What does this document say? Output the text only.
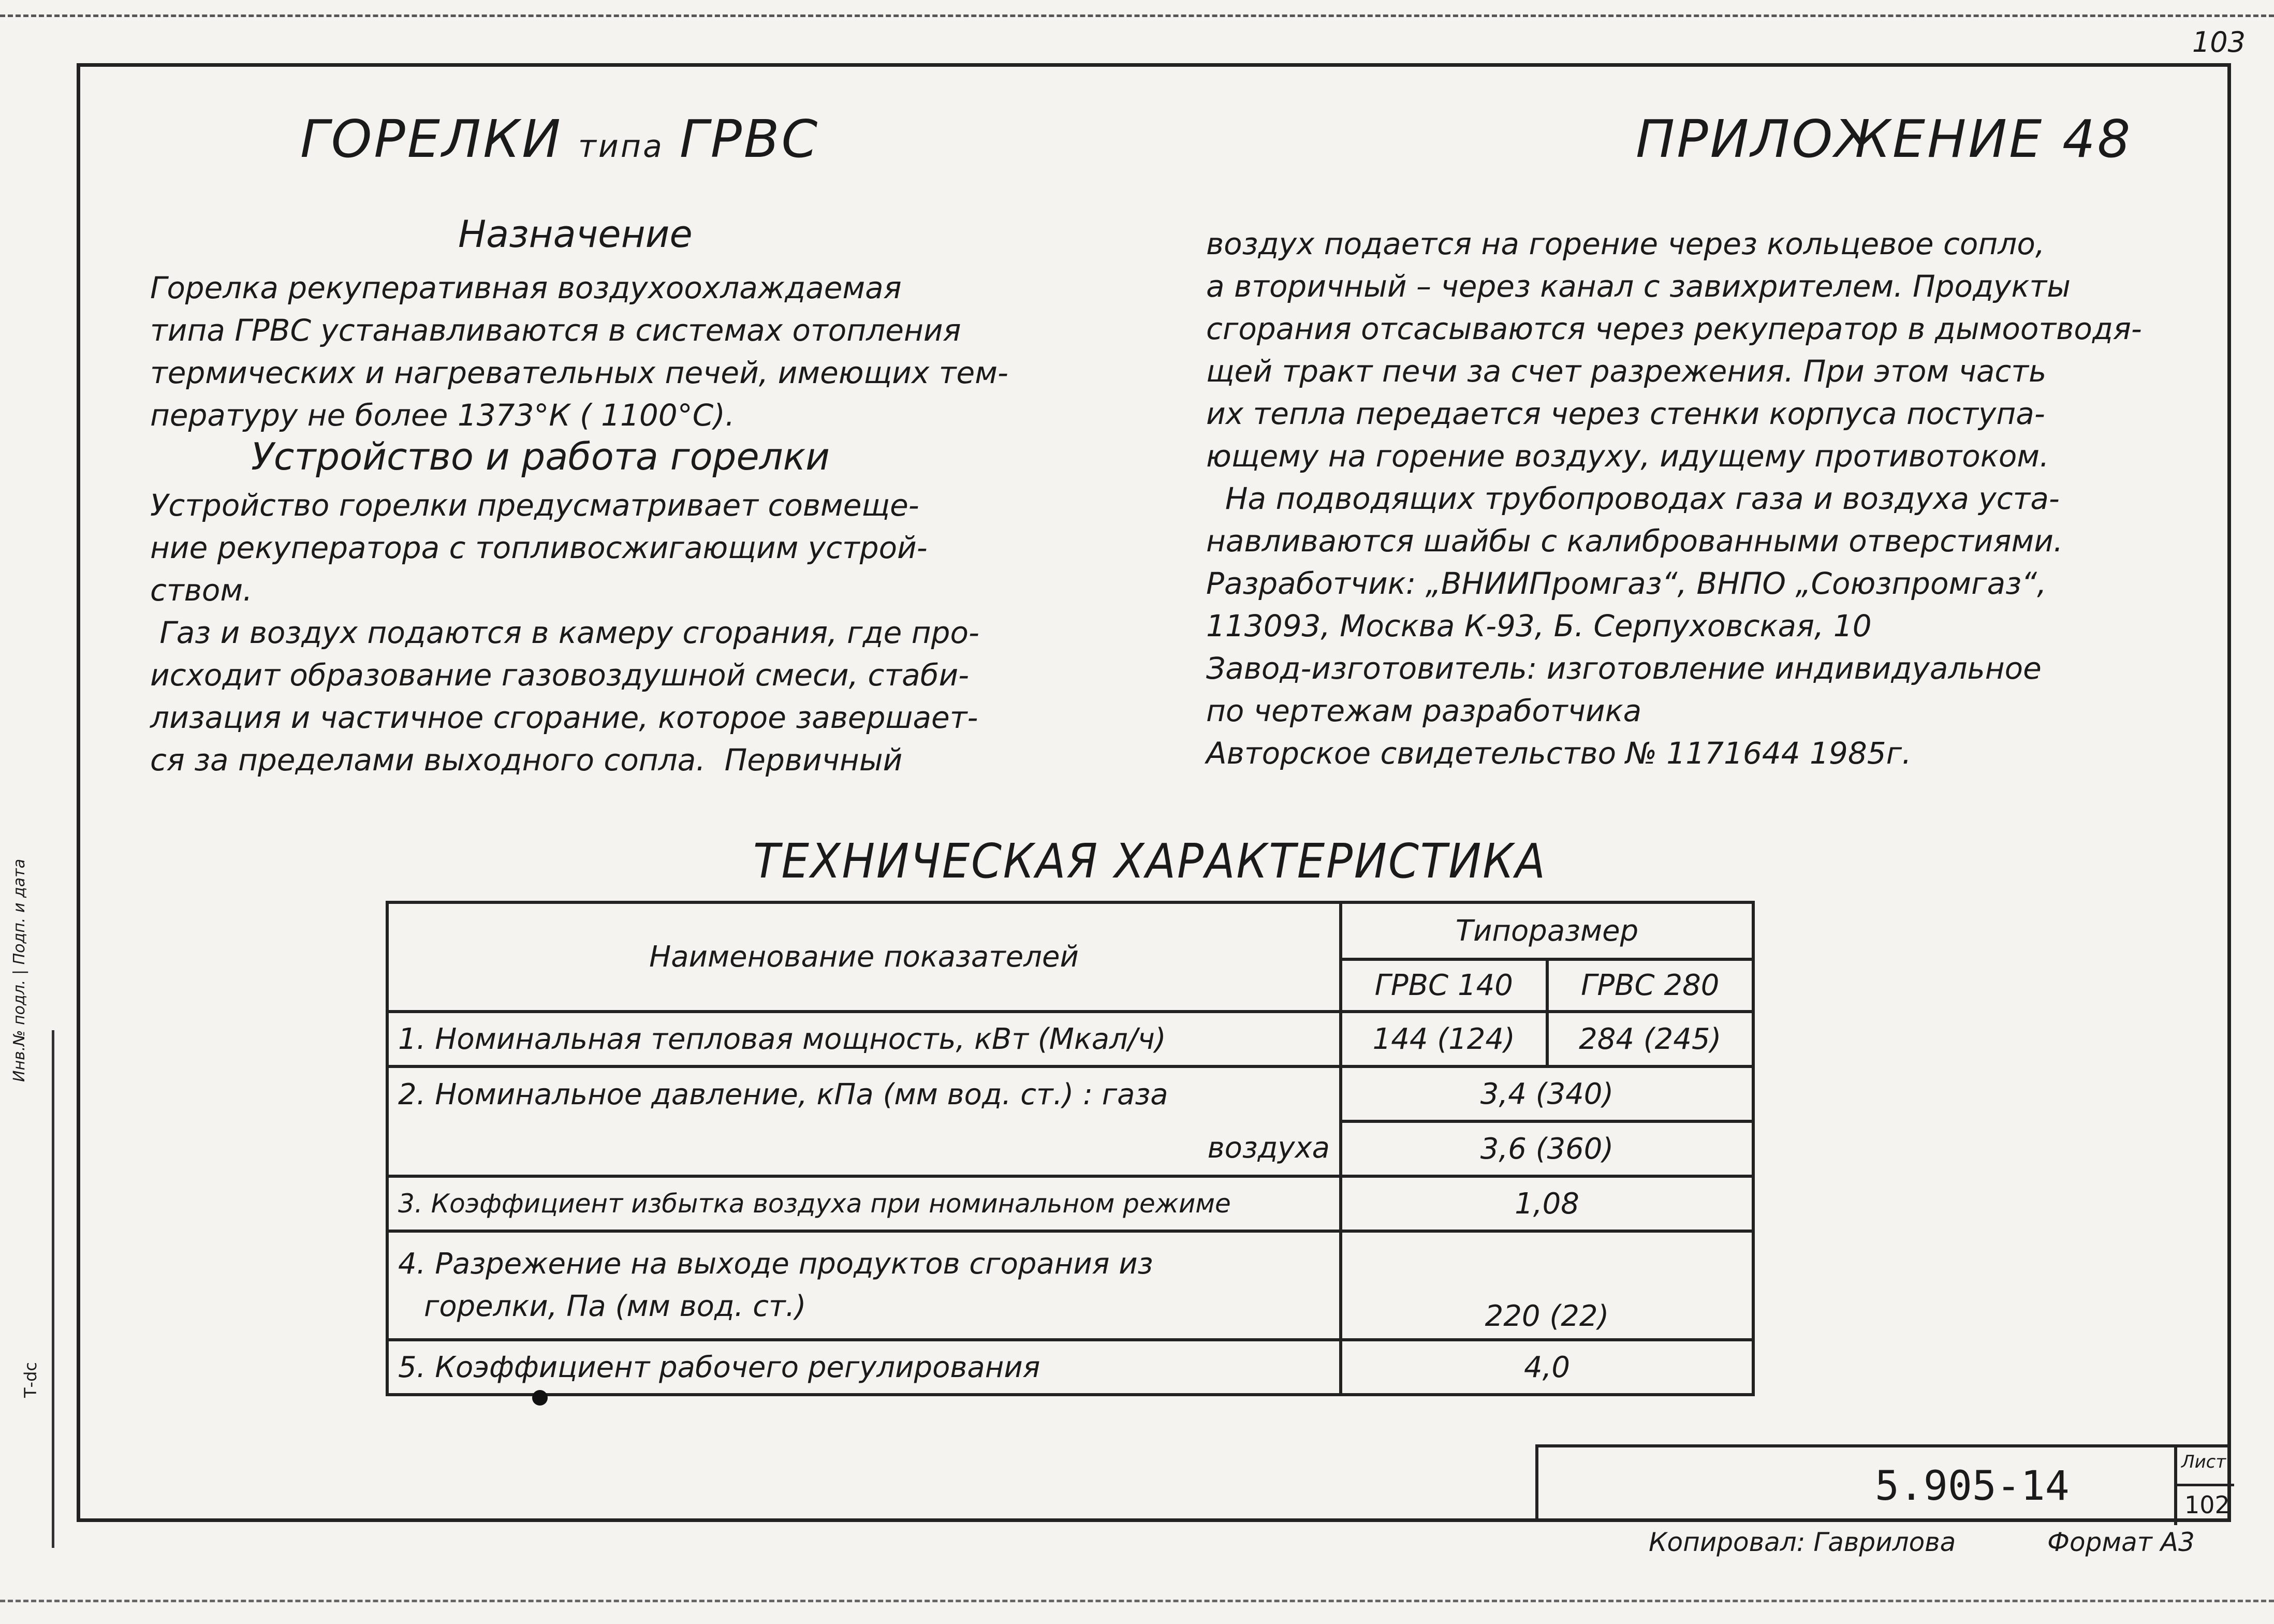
103
ГОРЕЛКИ типа ГРВС	ПРИЛОЖЕНИЕ 48
Назначение
Горелка рекуперативная воздухоохлаждаемая
типа ГРВС устанавливаются в системах отопления
термических и нагревательных печей, имеющих тем-
пературу не более 1373°К ( 1100°С).
Устройство и работа горелки
Устройство горелки предусматривает совмеще-
ние рекуператора с топливосжигающим устрой-
ством.
Газ и воздух подаются в камеру сгорания, где про-
исходит образование газовоздушной смеси, стаби-
лизация и частичное сгорание, которое завершает-
ся за пределами выходного сопла.  Первичный
воздух подается на горение через кольцевое сопло,
а вторичный – через канал с завихрителем. Продукты
сгорания отсасываются через рекуператор в дымоотводя-
щей тракт печи за счет разрежения. При этом часть
их тепла передается через стенки корпуса поступа-
ющему на горение воздуху, идущему противотоком.
На подводящих трубопроводах газа и воздуха уста-
навливаются шайбы с калиброванными отверстиями.
Разработчик: „ВНИИПромгаз“, ВНПО „Союзпромгаз“,
113093, Москва К-93, Б. Серпуховская, 10
Завод-изготовитель: изготовление индивидуальное
по чертежам разработчика
Авторское свидетельство № 1171644 1985г.
ТЕХНИЧЕСКАЯ ХАРАКТЕРИСТИКА
Наименование показателей	Типоразмер	
	ГРВС 140	ГРВС 280
1. Номинальная тепловая мощность, кВт (Мкал/ч)	144 (124)	284 (245)
2. Номинальное давление, кПа (мм вод. ст.) : газа	3,4 (340)	
воздуха	3,6 (360)	
3. Коэффициент избытка воздуха при номинальном режиме	1,08	
4. Разрежение на выходе продуктов сгорания из
горелки, Па (мм вод. ст.)	220 (22)	
5. Коэффициент рабочего регулирования	4,0	
5.905-14
Лист
102
Копировал: Гаврилова	Формат А3
Инв.№ подл. | Подп. и дата
Т-dc
